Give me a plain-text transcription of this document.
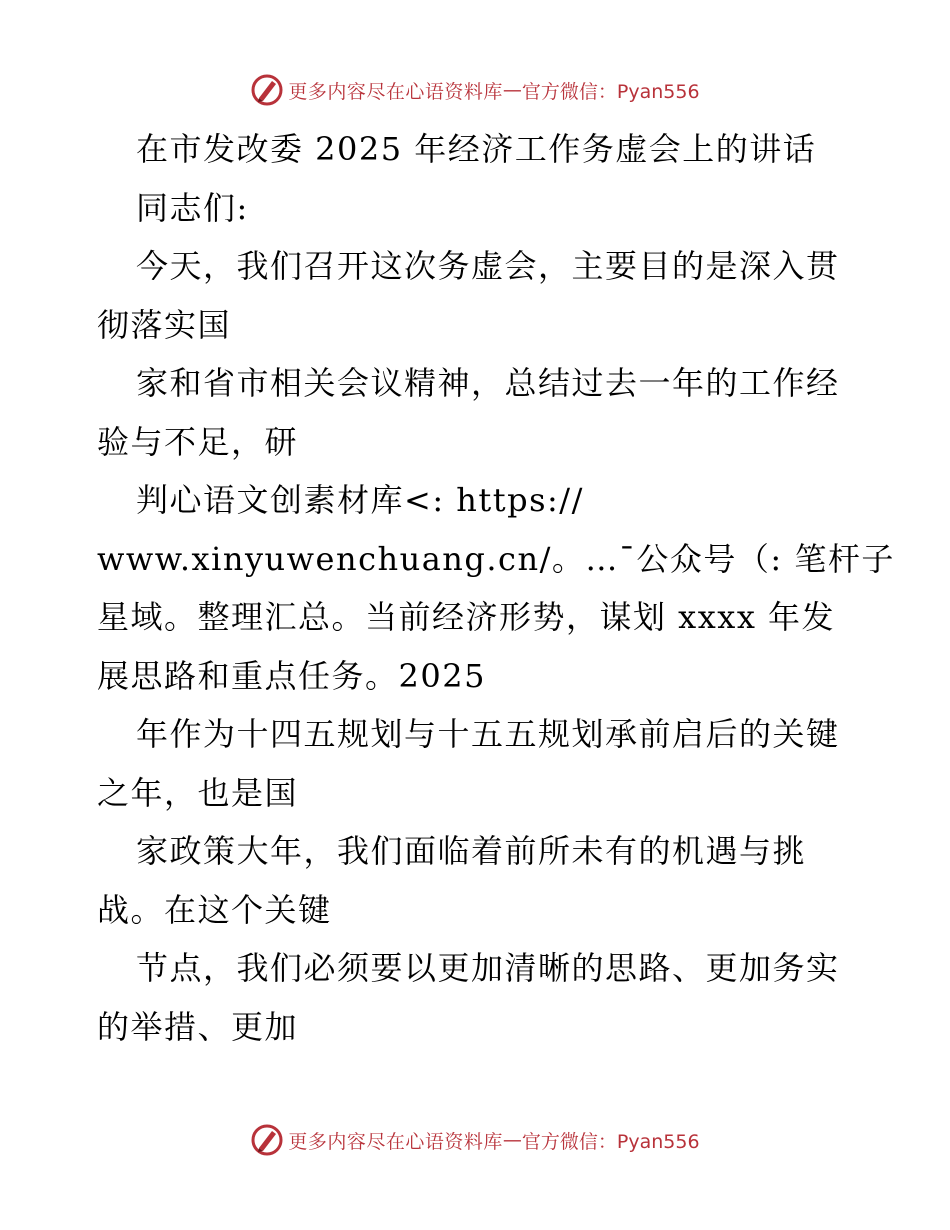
更多内容尽在心语资料库 — 官方微信：Pyan556
在市发改委 2025 年经济工作务虚会上的讲话
同志们:
今天，我们召开这次务虚会，主要目的是深入贯
彻落实国
家和省市相关会议精神，总结过去一年的工作经
验与不足，研
判心语文创素材库<: https://
www.xinyuwenchuang.cn/。…¯公众号（: 笔杆子
星域。整理汇总。当前经济形势，谋划 xxxx 年发
展思路和重点任务。2025
年作为十四五规划与十五五规划承前启后的关键
之年，也是国
家政策大年，我们面临着前所未有的机遇与挑
战。在这个关键
节点，我们必须要以更加清晰的思路、更加务实
的举措、更加
更多内容尽在心语资料库 — 官方微信：Pyan556
